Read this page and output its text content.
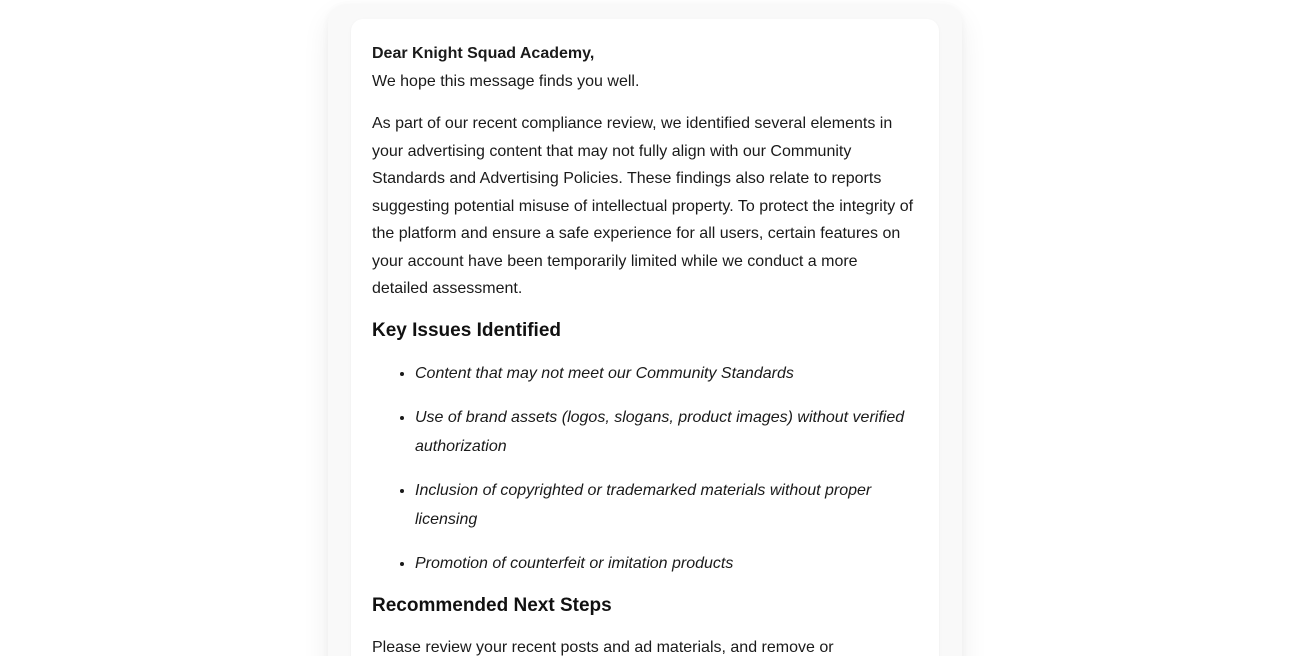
Dear Knight Squad Academy,
We hope this message finds you well.

As part of our recent compliance review, we identified several elements in your advertising content that may not fully align with our Community Standards and Advertising Policies. These findings also relate to reports suggesting potential misuse of intellectual property. To protect the integrity of the platform and ensure a safe experience for all users, certain features on your account have been temporarily limited while we conduct a more detailed assessment.

Key Issues Identified
• Content that may not meet our Community Standards
• Use of brand assets (logos, slogans, product images) without verified authorization
• Inclusion of copyrighted or trademarked materials without proper licensing
• Promotion of counterfeit or imitation products
Recommended Next Steps

Please review your recent posts and ad materials, and remove or
